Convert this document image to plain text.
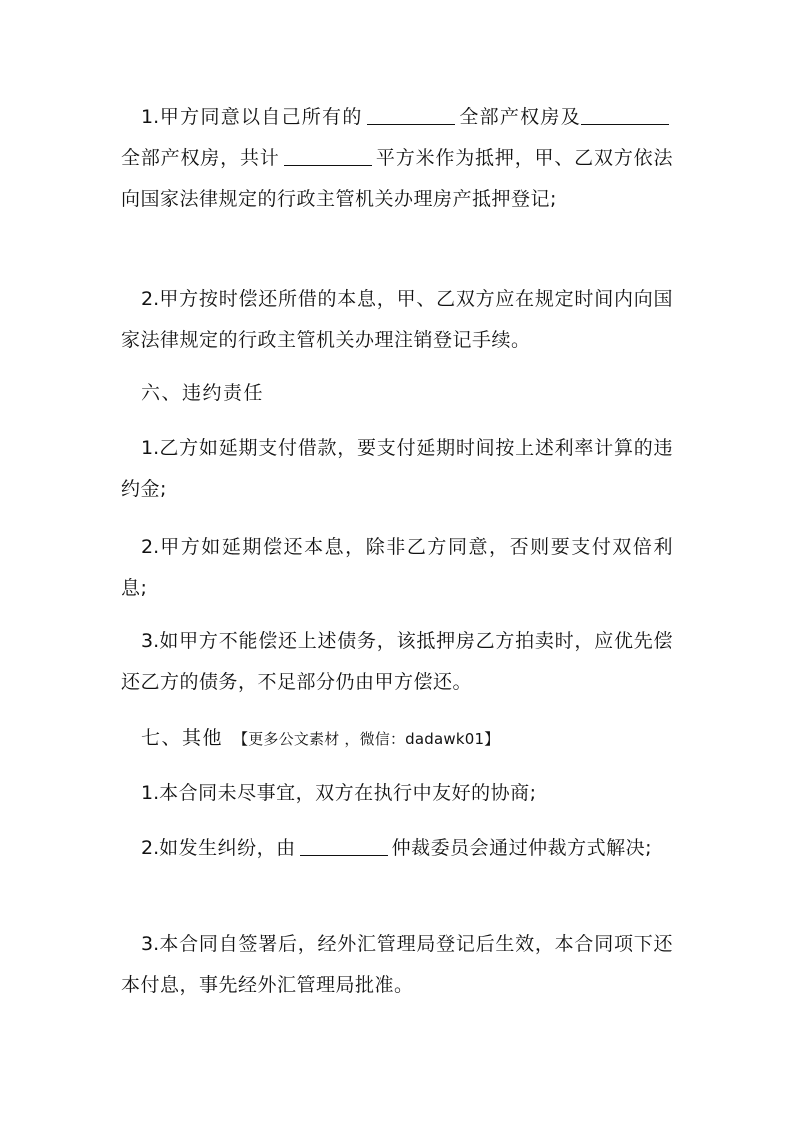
1.甲方同意以自己所有的	全部产权房及全部产权房，共计	平方米作为抵押，甲、乙双方依法向国家法律规定的行政主管机关办理房产抵押登记;

2.甲方按时偿还所借的本息，甲、乙双方应在规定时间内向国家法律规定的行政主管机关办理注销登记手续。

六、违约责任

1.乙方如延期支付借款，要支付延期时间按上述利率计算的违约金;

2.甲方如延期偿还本息，除非乙方同意，否则要支付双倍利息;

3.如甲方不能偿还上述债务，该抵押房乙方拍卖时，应优先偿还乙方的债务，不足部分仍由甲方偿还。

七、其他 【更多公文素材 ，微信：dadawk01】

1.本合同未尽事宜，双方在执行中友好的协商;

2.如发生纠纷，由	仲裁委员会通过仲裁方式解决;

3.本合同自签署后，经外汇管理局登记后生效，本合同项下还本付息，事先经外汇管理局批准。
